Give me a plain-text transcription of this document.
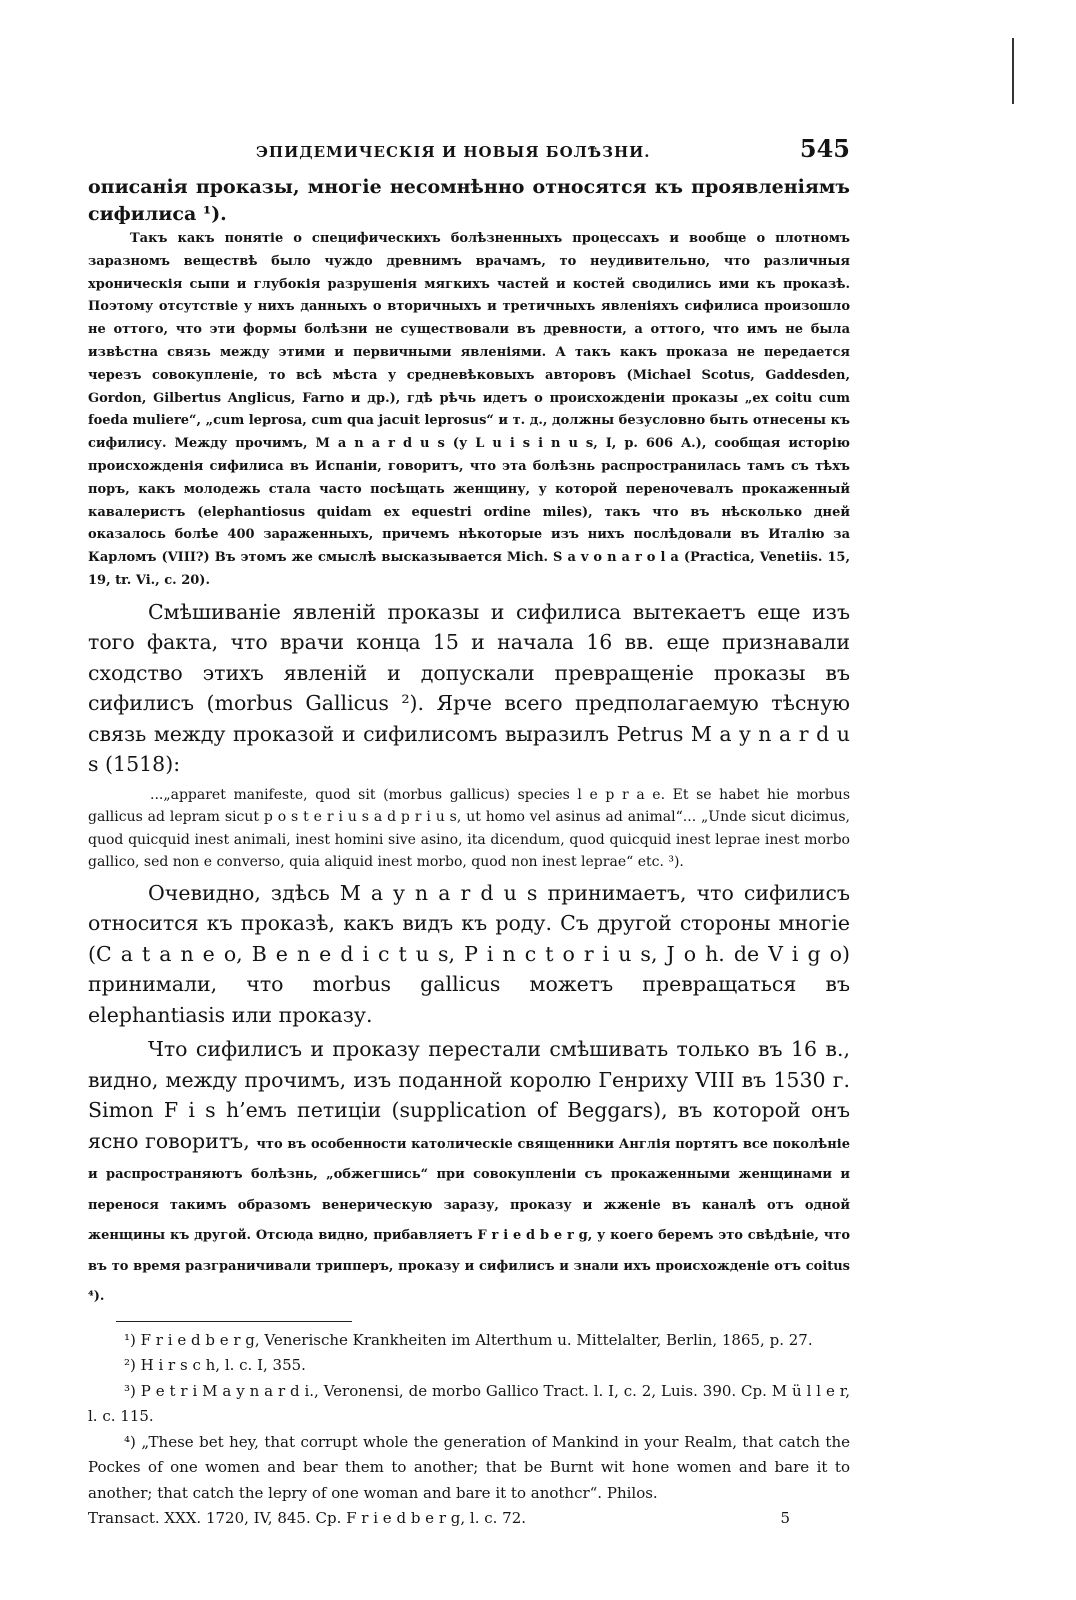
ЭПИДЕМИЧЕСКІЯ И НОВЫЯ БОЛѢЗНИ.	545

описанія проказы, многіе несомнѣнно относятся къ проявленіямъ сифилиса ¹).

Такъ какъ понятіе о специфическихъ болѣзненныхъ процессахъ и вообще о плотномъ заразномъ веществѣ было чуждо древнимъ врачамъ, то неудивительно, что различныя хроническія сыпи и глубокія разрушенія мягкихъ частей и костей сводились ими къ проказѣ. Поэтому отсутствіе у нихъ данныхъ о вторичныхъ и третичныхъ явленіяхъ сифилиса произошло не оттого, что эти формы болѣзни не существовали въ древности, а оттого, что имъ не была извѣстна связь между этими и первичными явленіями. А такъ какъ проказа не передается черезъ совокупленіе, то всѣ мѣста у средневѣковыхъ авторовъ (Michael Scotus, Gaddesden, Gordon, Gilbertus Anglicus, Farno и др.), гдѣ рѣчь идетъ о происхожденіи проказы „ex coitu cum foeda muliere“, „cum leprosa, cum qua jacuit leprosus“ и т. д., должны безусловно быть отнесены къ сифилису. Между прочимъ, M a n a r d u s (у L u i s i n u s, I, p. 606 A.), сообщая исторію происхожденія сифилиса въ Испаніи, говоритъ, что эта болѣзнь распространилась тамъ съ тѣхъ поръ, какъ молодежь стала часто посѣщать женщину, у которой переночевалъ прокаженный кавалеристъ (elephantiosus quidam ex equestri ordine miles), такъ что въ нѣсколько дней оказалось болѣе 400 зараженныхъ, причемъ нѣкоторые изъ нихъ послѣдовали въ Италію за Карломъ (VIII?) Въ этомъ же смыслѣ высказывается Mich. S a v o n a r o l a (Practica, Venetiis. 15, 19, tr. Vi., c. 20).

Смѣшиваніе явленій проказы и сифилиса вытекаетъ еще изъ того факта, что врачи конца 15 и начала 16 вв. еще признавали сходство этихъ явленій и допускали превращеніе проказы въ сифилисъ (morbus Gallicus ²). Ярче всего предполагаемую тѣсную связь между проказой и сифилисомъ выразилъ Petrus M a y n a r d u s (1518):

...„apparet manifeste, quod sit (morbus gallicus) species l e p r a e. Et se habet hie morbus gallicus ad lepram sicut p o s t e r i u s a d p r i u s, ut homo vel asinus ad animal“... „Unde sicut dicimus, quod quicquid inest animali, inest homini sive asino, ita dicendum, quod quicquid inest leprae inest morbo gallico, sed non e converso, quia aliquid inest morbo, quod non inest leprae“ etc. ³).

Очевидно, здѣсь M a y n a r d u s принимаетъ, что сифилисъ относится къ проказѣ, какъ видъ къ роду. Съ другой стороны многіе (C a t a n e o, B e n e d i c t u s, P i n c t o r i u s, J o h. de V i g o) принимали, что morbus gallicus можетъ превращаться въ elephantiasis или проказу.

Что сифилисъ и проказу перестали смѣшивать только въ 16 в., видно, между прочимъ, изъ поданной королю Генриху VIII въ 1530 г. Simon F i s h’емъ петиціи (supplication of Beggars), въ которой онъ ясно говоритъ, что въ особенности католическіе священники Англія портятъ все поколѣніе и распространяютъ болѣзнь, „обжегшись“ при совокупленіи съ прокаженными женщинами и перенося такимъ образомъ венерическую заразу, проказу и жженіе въ каналѣ отъ одной женщины къ другой. Отсюда видно, прибавляетъ F r i e d b e r g, у коего беремъ это свѣдѣніе, что въ то время разграничивали трипперъ, проказу и сифилисъ и знали ихъ происхожденіе отъ coitus ⁴).

¹) F r i e d b e r g, Venerische Krankheiten im Alterthum u. Mittelalter, Berlin, 1865, p. 27.

²) H i r s c h, l. c. I, 355.

³) P e t r i M a y n a r d i., Veronensi, de morbo Gallico Tract. l. I, c. 2, Luis. 390. Cp. M ü l l e r, l. c. 115.

⁴) „These bet hey, that corrupt whole the generation of Mankind in your Realm, that catch the Pockes of one women and bear them to another; that be Burnt wit hone women and bare it to another; that catch the lepry of one woman and bare it to anothcr“. Philos.

Transact. XXX. 1720, IV, 845. Cp. F r i e d b e r g, l. c. 72.	5
